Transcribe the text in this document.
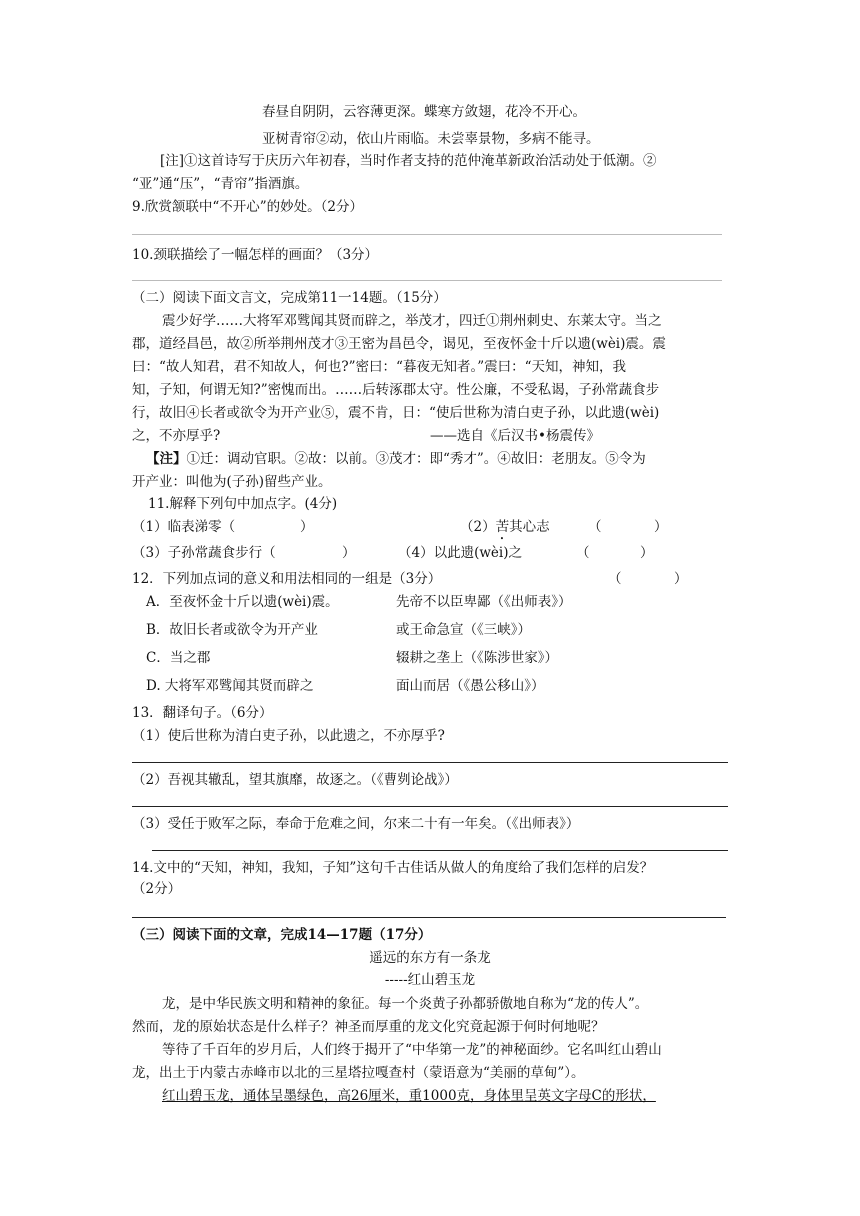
春昼自阴阴，云容薄更深。蝶寒方敛翅，花冷不开心。
亚树青帘②动，依山片雨临。未尝辜景物，多病不能寻。
[注]①这首诗写于庆历六年初春，当时作者支持的范仲淹革新政治活动处于低潮。②
“亚”通“压”，“青帘”指酒旗。
9.欣赏颔联中“不开心”的妙处。（2分）
10.颈联描绘了一幅怎样的画面？（3分）
（二）阅读下面文言文，完成第11一14题。（15分）
震少好学……大将军邓骘闻其贤而辟之，举茂才，四迁①荆州刺史、东莱太守。当之
郡，道经昌邑，故②所举荆州茂才③王密为昌邑令，谒见，至夜怀金十斤以遗(wèi)震。震
曰：“故人知君，君不知故人，何也?”密曰：“暮夜无知者。”震曰：“天知，神知，我
知，子知，何谓无知?”密愧而出。……后转涿郡太守。性公廉，不受私谒，子孙常蔬食步
行，故旧④长者或欲令为开产业⑤，震不肯，日：“使后世称为清白吏子孙，以此遗(wèi)
之，不亦厚乎?	——选自《后汉书•杨震传》
【注】①迁：调动官职。②故：以前。③茂才：即“秀才”。④故旧：老朋友。⑤令为
开产业：叫他为(子孙)留些产业。
11.解释下列句中加点字。(4分)
（1）临表涕零（	）	（2）苦其心志	（	）
（3）子孙常蔬食步行（	）	（4）以此遗(wèi)之	（	）
12．下列加点词的意义和用法相同的一组是（3分）	（	）
A．至夜怀金十斤以遗(wèi)震。	先帝不以臣卑鄙（《出师表》）
B．故旧长者或欲令为开产业	或王命急宣（《三峡》）
C．当之郡	辍耕之垄上（《陈涉世家》）
D. 大将军邓骘闻其贤而辟之	面山而居（《愚公移山》）
13．翻译句子。（6分）
（1）使后世称为清白吏子孙，以此遗之，不亦厚乎?
（2）吾视其辙乱，望其旗靡，故逐之。（《曹刿论战》）
（3）受任于败军之际，奉命于危难之间，尔来二十有一年矣。（《出师表》）
14.文中的“天知，神知，我知，子知”这句千古佳话从做人的角度给了我们怎样的启发？
（2分）
（三）阅读下面的文章，完成14—17题（17分）
遥远的东方有一条龙
-----红山碧玉龙
龙，是中华民族文明和精神的象征。每一个炎黄子孙都骄傲地自称为“龙的传人”。
然而，龙的原始状态是什么样子？神圣而厚重的龙文化究竟起源于何时何地呢？
等待了千百年的岁月后，人们终于揭开了“中华第一龙”的神秘面纱。它名叫红山碧山
龙，出土于内蒙古赤峰市以北的三星塔拉嘎查村（蒙语意为“美丽的草甸”）。
红山碧玉龙，通体呈墨绿色，高26厘米，重1000克，身体里呈英文字母C的形状，
